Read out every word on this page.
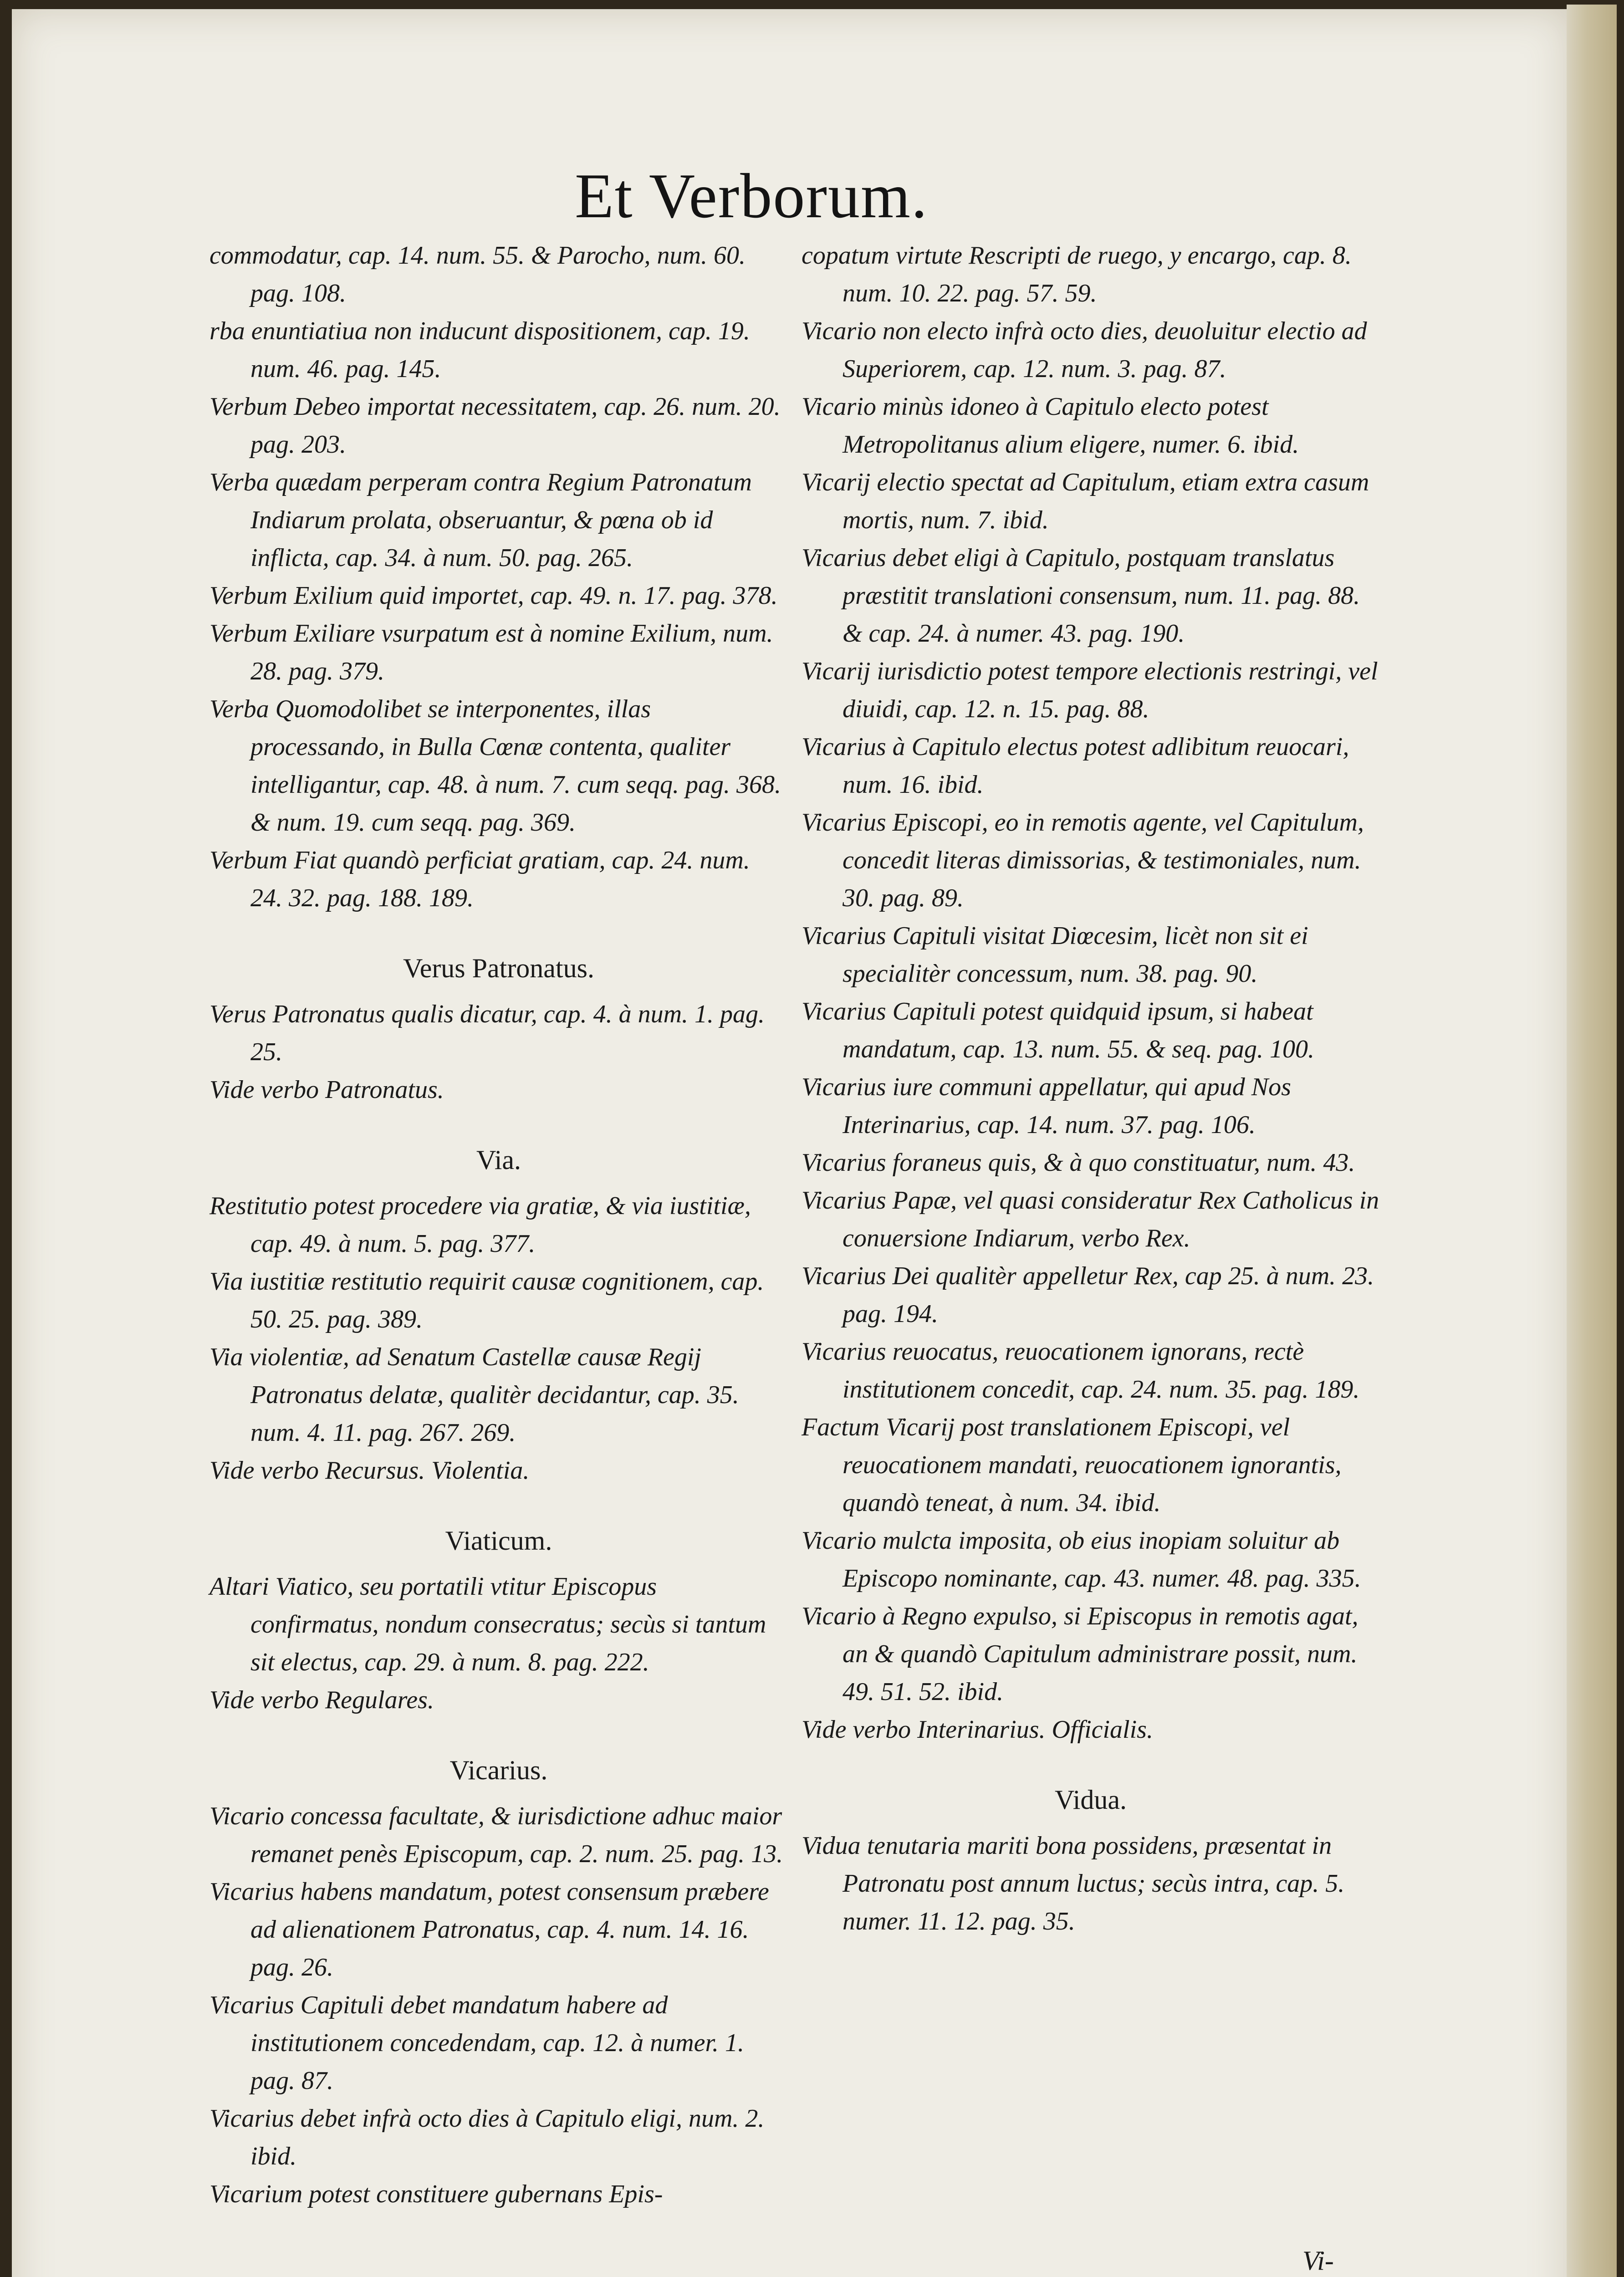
Et Verborum.

commodatur, cap. 14. num. 55. & Parocho, num. 60. pag. 108.

rba enuntiatiua non inducunt dispositionem, cap. 19. num. 46. pag. 145.

Verbum Debeo importat necessitatem, cap. 26. num. 20. pag. 203.

Verba quædam perperam contra Regium Patronatum Indiarum prolata, obseruantur, & pœna ob id inflicta, cap. 34. à num. 50. pag. 265.

Verbum Exilium quid importet, cap. 49. n. 17. pag. 378.

Verbum Exiliare vsurpatum est à nomine Exilium, num. 28. pag. 379.

Verba Quomodolibet se interponentes, illas processando, in Bulla Cœnæ contenta, qualiter intelligantur, cap. 48. à num. 7. cum seqq. pag. 368. & num. 19. cum seqq. pag. 369.

Verbum Fiat quandò perficiat gratiam, cap. 24. num. 24. 32. pag. 188. 189.

Verus Patronatus.

Verus Patronatus qualis dicatur, cap. 4. à num. 1. pag. 25.

Vide verbo Patronatus.

Via.

Restitutio potest procedere via gratiæ, & via iustitiæ, cap. 49. à num. 5. pag. 377.

Via iustitiæ restitutio requirit causæ cognitionem, cap. 50. 25. pag. 389.

Via violentiæ, ad Senatum Castellæ causæ Regij Patronatus delatæ, qualitèr decidantur, cap. 35. num. 4. 11. pag. 267. 269.

Vide verbo Recursus. Violentia.

Viaticum.

Altari Viatico, seu portatili vtitur Episcopus confirmatus, nondum consecratus; secùs si tantum sit electus, cap. 29. à num. 8. pag. 222.

Vide verbo Regulares.

Vicarius.

Vicario concessa facultate, & iurisdictione adhuc maior remanet penès Episcopum, cap. 2. num. 25. pag. 13.

Vicarius habens mandatum, potest consensum præbere ad alienationem Patronatus, cap. 4. num. 14. 16. pag. 26.

Vicarius Capituli debet mandatum habere ad institutionem concedendam, cap. 12. à numer. 1. pag. 87.

Vicarius debet infrà octo dies à Capitulo eligi, num. 2. ibid.

Vicarium potest constituere gubernans Epis-

copatum virtute Rescripti de ruego, y encargo, cap. 8. num. 10. 22. pag. 57. 59.

Vicario non electo infrà octo dies, deuoluitur electio ad Superiorem, cap. 12. num. 3. pag. 87.

Vicario minùs idoneo à Capitulo electo potest Metropolitanus alium eligere, numer. 6. ibid.

Vicarij electio spectat ad Capitulum, etiam extra casum mortis, num. 7. ibid.

Vicarius debet eligi à Capitulo, postquam translatus præstitit translationi consensum, num. 11. pag. 88. & cap. 24. à numer. 43. pag. 190.

Vicarij iurisdictio potest tempore electionis restringi, vel diuidi, cap. 12. n. 15. pag. 88.

Vicarius à Capitulo electus potest adlibitum reuocari, num. 16. ibid.

Vicarius Episcopi, eo in remotis agente, vel Capitulum, concedit literas dimissorias, & testimoniales, num. 30. pag. 89.

Vicarius Capituli visitat Diœcesim, licèt non sit ei specialitèr concessum, num. 38. pag. 90.

Vicarius Capituli potest quidquid ipsum, si habeat mandatum, cap. 13. num. 55. & seq. pag. 100.

Vicarius iure communi appellatur, qui apud Nos Interinarius, cap. 14. num. 37. pag. 106.

Vicarius foraneus quis, & à quo constituatur, num. 43.

Vicarius Papæ, vel quasi consideratur Rex Catholicus in conuersione Indiarum, verbo Rex.

Vicarius Dei qualitèr appelletur Rex, cap 25. à num. 23. pag. 194.

Vicarius reuocatus, reuocationem ignorans, rectè institutionem concedit, cap. 24. num. 35. pag. 189.

Factum Vicarij post translationem Episcopi, vel reuocationem mandati, reuocationem ignorantis, quandò teneat, à num. 34. ibid.

Vicario mulcta imposita, ob eius inopiam soluitur ab Episcopo nominante, cap. 43. numer. 48. pag. 335.

Vicario à Regno expulso, si Episcopus in remotis agat, an & quandò Capitulum administrare possit, num. 49. 51. 52. ibid.

Vide verbo Interinarius. Officialis.

Vidua.

Vidua tenutaria mariti bona possidens, præsentat in Patronatu post annum luctus; secùs intra, cap. 5. numer. 11. 12. pag. 35.

Vi-
